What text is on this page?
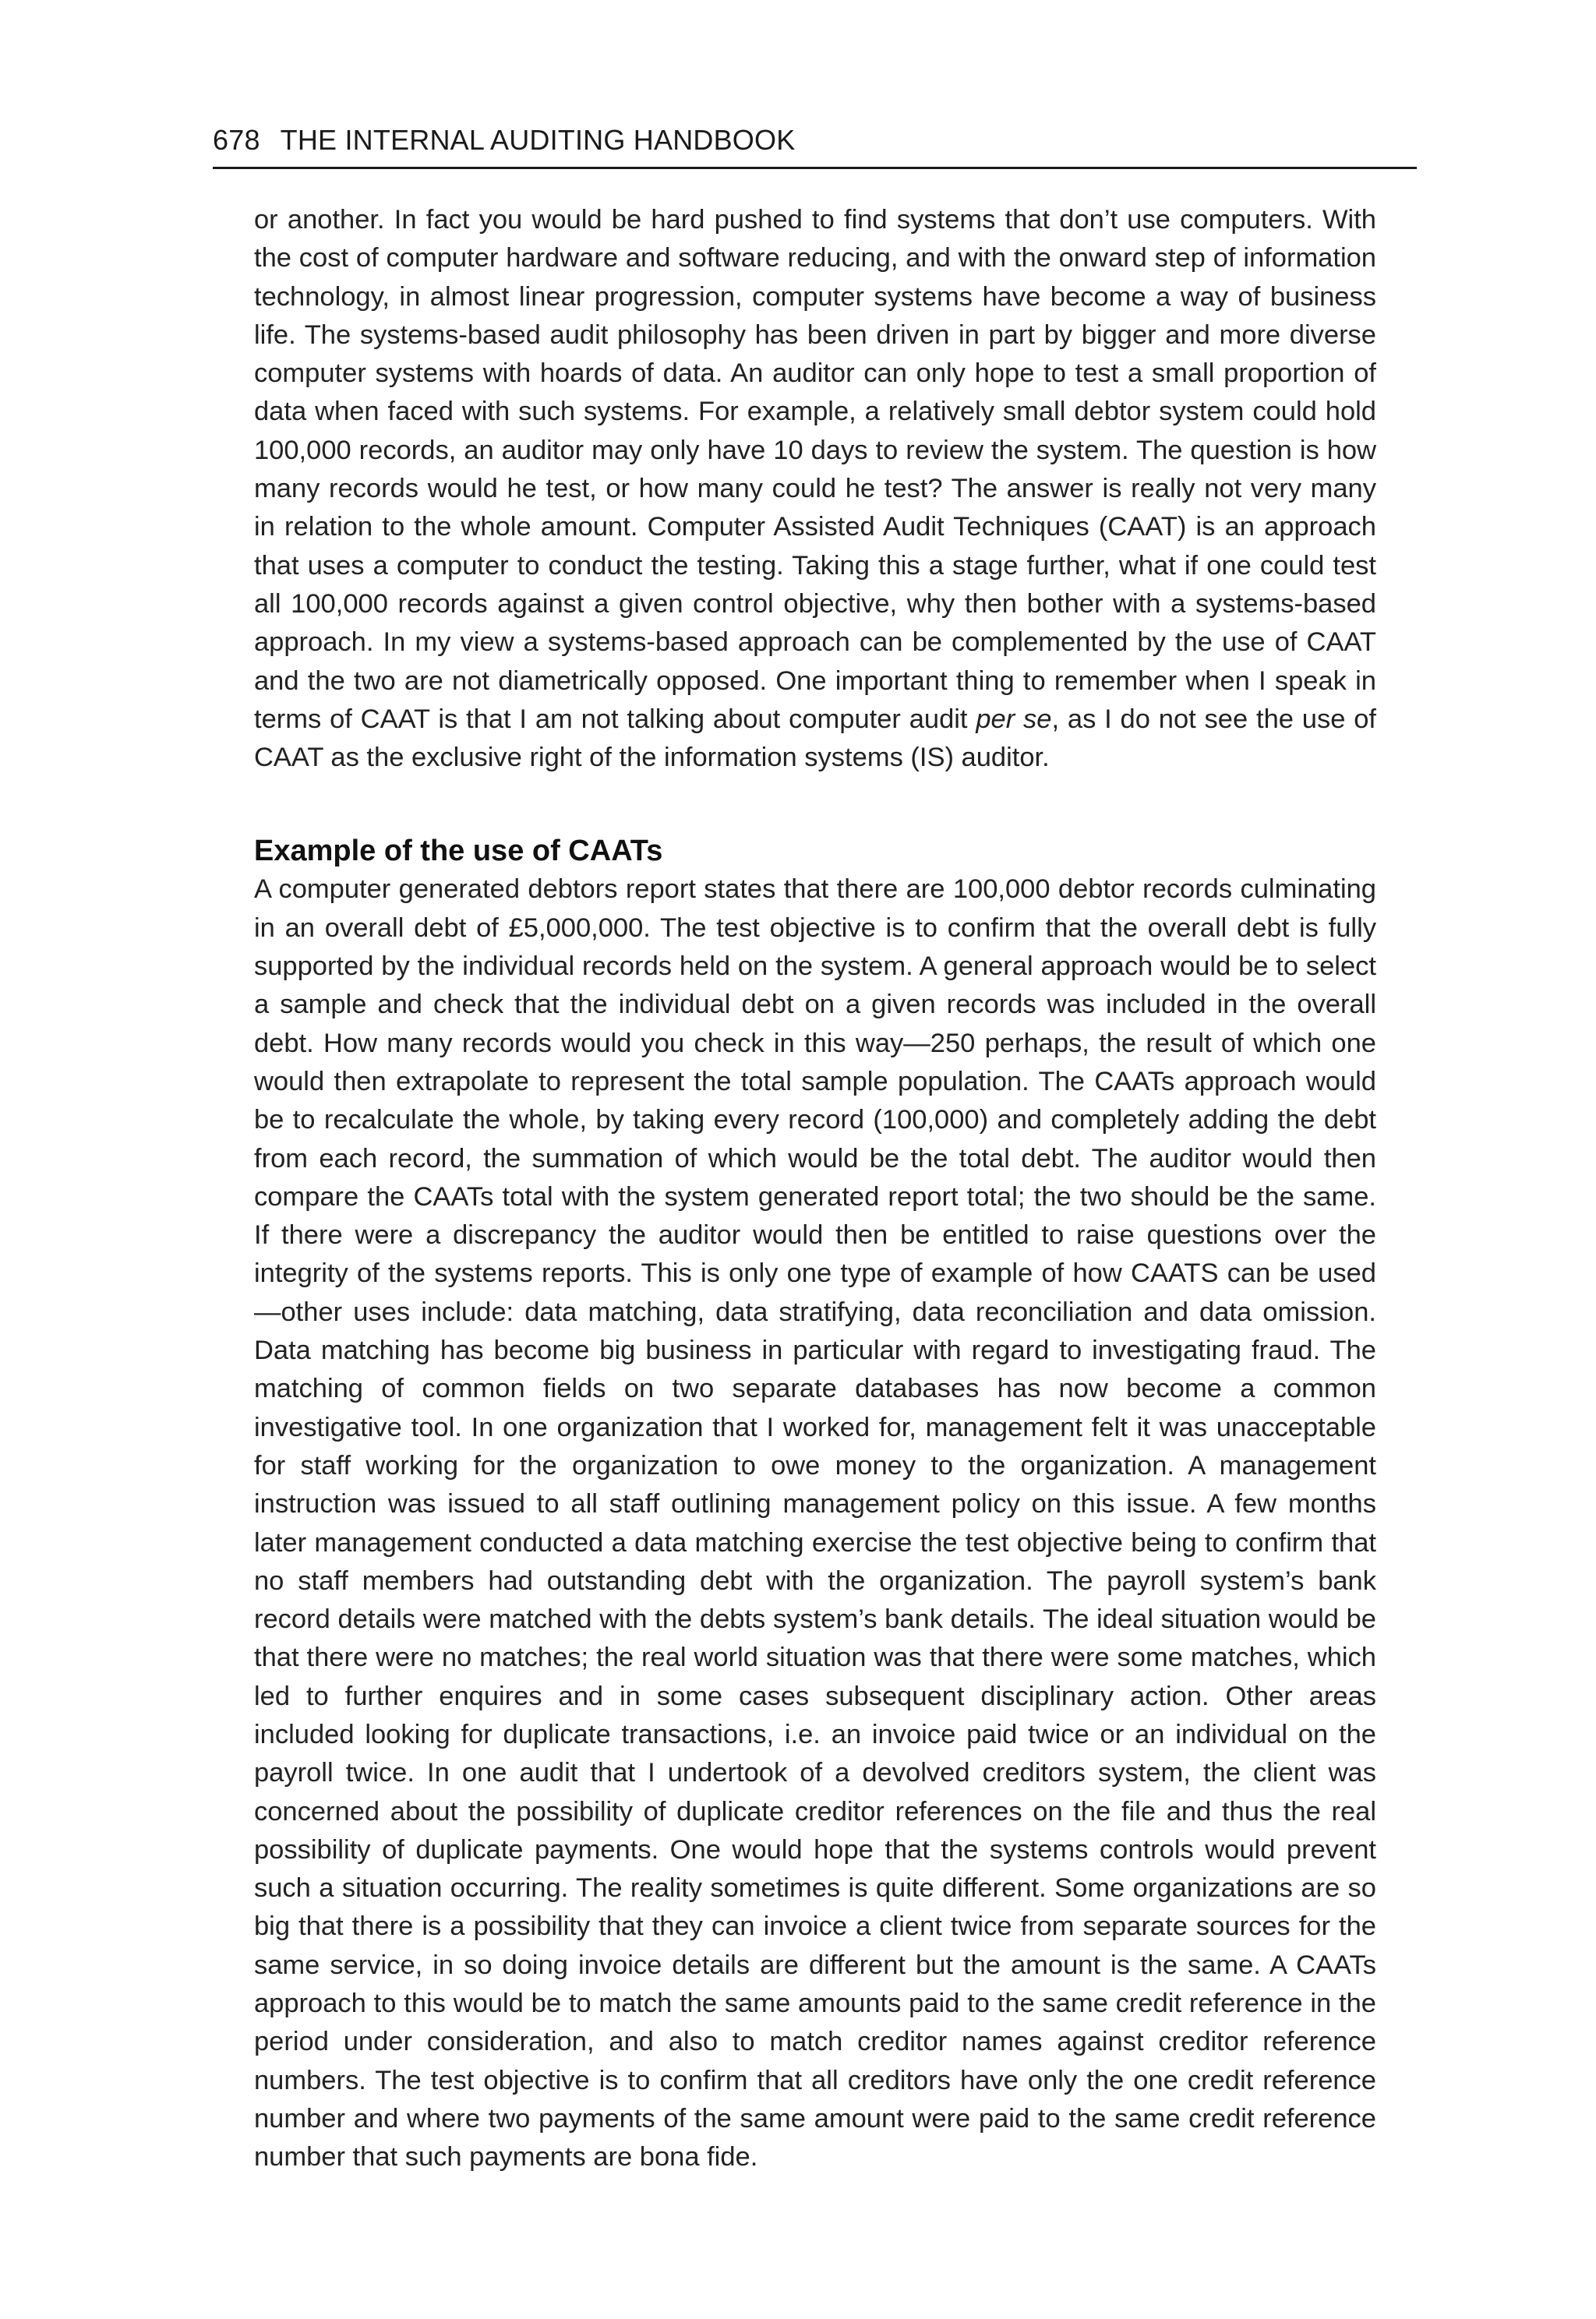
678 THE INTERNAL AUDITING HANDBOOK

or another. In fact you would be hard pushed to find systems that don’t use computers. With the cost of computer hardware and software reducing, and with the onward step of information technology, in almost linear progression, computer systems have become a way of business life. The systems-based audit philosophy has been driven in part by bigger and more diverse computer systems with hoards of data. An auditor can only hope to test a small proportion of data when faced with such systems. For example, a relatively small debtor system could hold 100,000 records, an auditor may only have 10 days to review the system. The question is how many records would he test, or how many could he test? The answer is really not very many in relation to the whole amount. Computer Assisted Audit Techniques (CAAT) is an approach that uses a computer to conduct the testing. Taking this a stage further, what if one could test all 100,000 records against a given control objective, why then bother with a systems-based approach. In my view a systems-based approach can be complemented by the use of CAAT and the two are not diametrically opposed. One important thing to remember when I speak in terms of CAAT is that I am not talking about computer audit per se, as I do not see the use of CAAT as the exclusive right of the information systems (IS) auditor.

Example of the use of CAATs

A computer generated debtors report states that there are 100,000 debtor records culminating in an overall debt of £5,000,000. The test objective is to confirm that the overall debt is fully supported by the individual records held on the system. A general approach would be to select a sample and check that the individual debt on a given records was included in the overall debt. How many records would you check in this way—250 perhaps, the result of which one would then extrapolate to represent the total sample population. The CAATs approach would be to recalculate the whole, by taking every record (100,000) and completely adding the debt from each record, the summation of which would be the total debt. The auditor would then compare the CAATs total with the system generated report total; the two should be the same. If there were a discrepancy the auditor would then be entitled to raise questions over the integrity of the systems reports. This is only one type of example of how CAATS can be used—other uses include: data matching, data stratifying, data reconciliation and data omission. Data matching has become big business in particular with regard to investigating fraud. The matching of common fields on two separate databases has now become a common investigative tool. In one organization that I worked for, management felt it was unacceptable for staff working for the organization to owe money to the organization. A management instruction was issued to all staff outlining management policy on this issue. A few months later management conducted a data matching exercise the test objective being to confirm that no staff members had outstanding debt with the organization. The payroll system’s bank record details were matched with the debts system’s bank details. The ideal situation would be that there were no matches; the real world situation was that there were some matches, which led to further enquires and in some cases subsequent disciplinary action. Other areas included looking for duplicate transactions, i.e. an invoice paid twice or an individual on the payroll twice. In one audit that I undertook of a devolved creditors system, the client was concerned about the possibility of duplicate creditor references on the file and thus the real possibility of duplicate payments. One would hope that the systems controls would prevent such a situation occurring. The reality sometimes is quite different. Some organizations are so big that there is a possibility that they can invoice a client twice from separate sources for the same service, in so doing invoice details are different but the amount is the same. A CAATs approach to this would be to match the same amounts paid to the same credit reference in the period under consideration, and also to match creditor names against creditor reference numbers. The test objective is to confirm that all creditors have only the one credit reference number and where two payments of the same amount were paid to the same credit reference number that such payments are bona fide.
